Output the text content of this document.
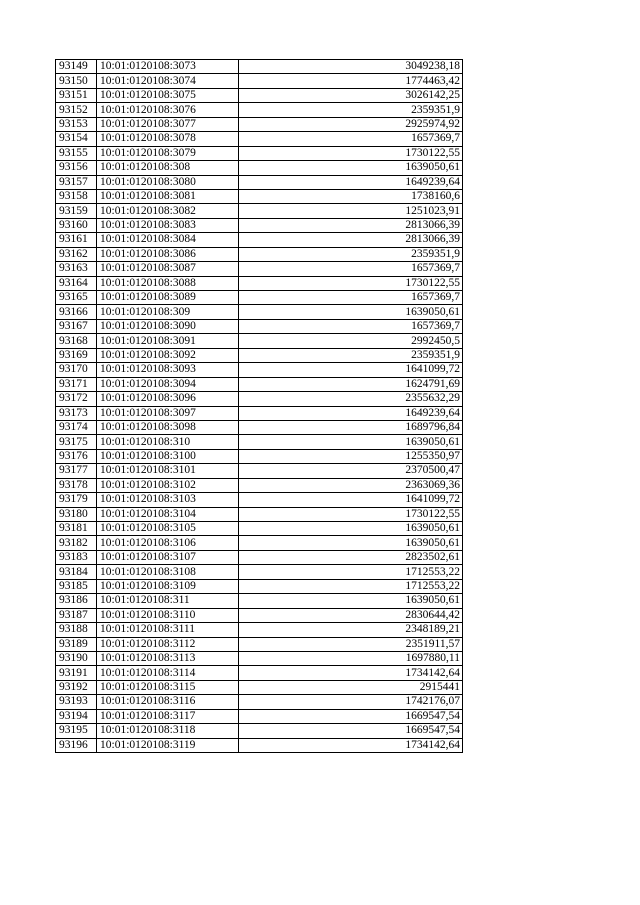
93149	10:01:0120108:3073	3049238,18
93150	10:01:0120108:3074	1774463,42
93151	10:01:0120108:3075	3026142,25
93152	10:01:0120108:3076	2359351,9
93153	10:01:0120108:3077	2925974,92
93154	10:01:0120108:3078	1657369,7
93155	10:01:0120108:3079	1730122,55
93156	10:01:0120108:308	1639050,61
93157	10:01:0120108:3080	1649239,64
93158	10:01:0120108:3081	1738160,6
93159	10:01:0120108:3082	1251023,91
93160	10:01:0120108:3083	2813066,39
93161	10:01:0120108:3084	2813066,39
93162	10:01:0120108:3086	2359351,9
93163	10:01:0120108:3087	1657369,7
93164	10:01:0120108:3088	1730122,55
93165	10:01:0120108:3089	1657369,7
93166	10:01:0120108:309	1639050,61
93167	10:01:0120108:3090	1657369,7
93168	10:01:0120108:3091	2992450,5
93169	10:01:0120108:3092	2359351,9
93170	10:01:0120108:3093	1641099,72
93171	10:01:0120108:3094	1624791,69
93172	10:01:0120108:3096	2355632,29
93173	10:01:0120108:3097	1649239,64
93174	10:01:0120108:3098	1689796,84
93175	10:01:0120108:310	1639050,61
93176	10:01:0120108:3100	1255350,97
93177	10:01:0120108:3101	2370500,47
93178	10:01:0120108:3102	2363069,36
93179	10:01:0120108:3103	1641099,72
93180	10:01:0120108:3104	1730122,55
93181	10:01:0120108:3105	1639050,61
93182	10:01:0120108:3106	1639050,61
93183	10:01:0120108:3107	2823502,61
93184	10:01:0120108:3108	1712553,22
93185	10:01:0120108:3109	1712553,22
93186	10:01:0120108:311	1639050,61
93187	10:01:0120108:3110	2830644,42
93188	10:01:0120108:3111	2348189,21
93189	10:01:0120108:3112	2351911,57
93190	10:01:0120108:3113	1697880,11
93191	10:01:0120108:3114	1734142,64
93192	10:01:0120108:3115	2915441
93193	10:01:0120108:3116	1742176,07
93194	10:01:0120108:3117	1669547,54
93195	10:01:0120108:3118	1669547,54
93196	10:01:0120108:3119	1734142,64
